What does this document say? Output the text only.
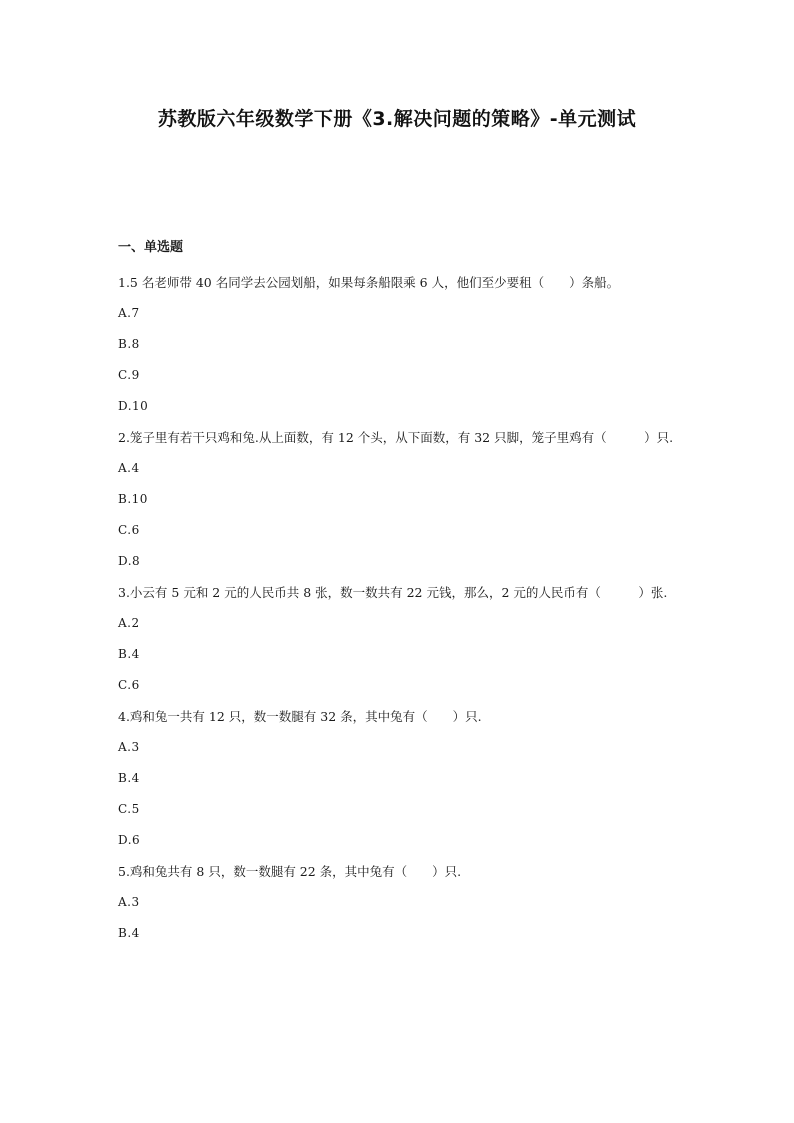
苏教版六年级数学下册《3.解决问题的策略》-单元测试
一、单选题
1.5 名老师带 40 名同学去公园划船，如果每条船限乘 6 人，他们至少要租（　　）条船。
A.7
B.8
C.9
D.10
2.笼子里有若干只鸡和兔.从上面数，有 12 个头，从下面数，有 32 只脚，笼子里鸡有（　　　）只.
A.4
B.10
C.6
D.8
3.小云有 5 元和 2 元的人民币共 8 张，数一数共有 22 元钱，那么，2 元的人民币有（　　　）张.
A.2
B.4
C.6
4.鸡和兔一共有 12 只，数一数腿有 32 条，其中兔有（　　）只.
A.3
B.4
C.5
D.6
5.鸡和兔共有 8 只，数一数腿有 22 条，其中兔有（　　）只.
A.3
B.4
